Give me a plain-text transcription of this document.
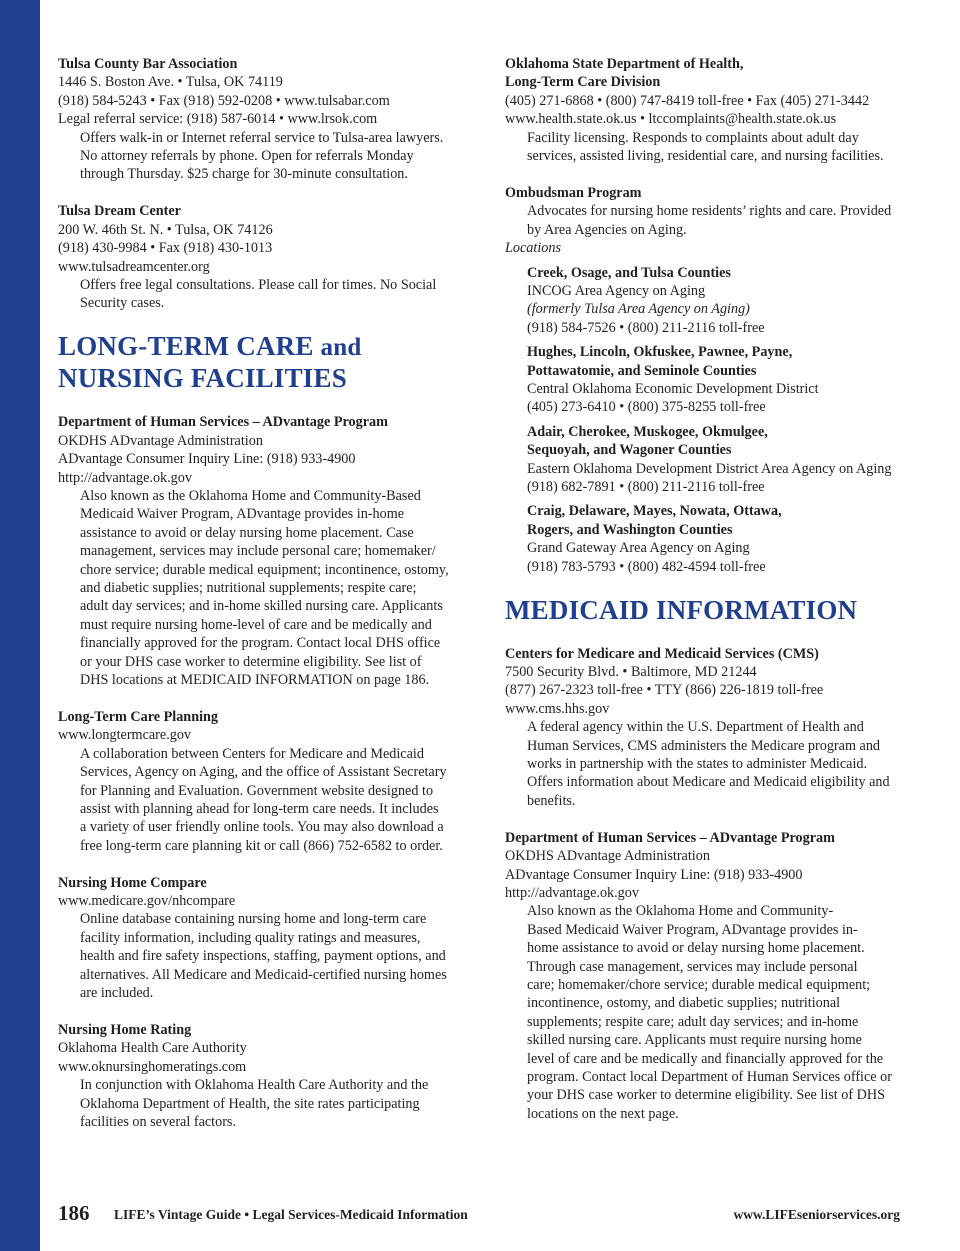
Tulsa County Bar Association
1446 S. Boston Ave. • Tulsa, OK 74119
(918) 584-5243 • Fax (918) 592-0208 • www.tulsabar.com
Legal referral service: (918) 587-6014 • www.lrsok.com
Offers walk-in or Internet referral service to Tulsa-area lawyers.
No attorney referrals by phone. Open for referrals Monday
through Thursday. $25 charge for 30-minute consultation.
Tulsa Dream Center
200 W. 46th St. N. • Tulsa, OK 74126
(918) 430-9984 • Fax (918) 430-1013
www.tulsadreamcenter.org
Offers free legal consultations. Please call for times. No Social
Security cases.
LONG-TERM CARE and
NURSING FACILITIES
Department of Human Services – ADvantage Program
OKDHS ADvantage Administration
ADvantage Consumer Inquiry Line: (918) 933-4900
http://advantage.ok.gov
Also known as the Oklahoma Home and Community-Based
Medicaid Waiver Program, ADvantage provides in-home
assistance to avoid or delay nursing home placement. Case
management, services may include personal care; homemaker/
chore service; durable medical equipment; incontinence, ostomy,
and diabetic supplies; nutritional supplements; respite care;
adult day services; and in-home skilled nursing care. Applicants
must require nursing home-level of care and be medically and
financially approved for the program. Contact local DHS office
or your DHS case worker to determine eligibility. See list of
DHS locations at MEDICAID INFORMATION on page 186.
Long-Term Care Planning
www.longtermcare.gov
A collaboration between Centers for Medicare and Medicaid
Services, Agency on Aging, and the office of Assistant Secretary
for Planning and Evaluation. Government website designed to
assist with planning ahead for long-term care needs. It includes
a variety of user friendly online tools. You may also download a
free long-term care planning kit or call (866) 752-6582 to order.
Nursing Home Compare
www.medicare.gov/nhcompare
Online database containing nursing home and long-term care
facility information, including quality ratings and measures,
health and fire safety inspections, staffing, payment options, and
alternatives. All Medicare and Medicaid-certified nursing homes
are included.
Nursing Home Rating
Oklahoma Health Care Authority
www.oknursinghomeratings.com
In conjunction with Oklahoma Health Care Authority and the
Oklahoma Department of Health, the site rates participating
facilities on several factors.
Oklahoma State Department of Health,
Long-Term Care Division
(405) 271-6868 • (800) 747-8419 toll-free • Fax (405) 271-3442
www.health.state.ok.us • ltccomplaints@health.state.ok.us
Facility licensing. Responds to complaints about adult day
services, assisted living, residential care, and nursing facilities.
Ombudsman Program
Advocates for nursing home residents’ rights and care. Provided
by Area Agencies on Aging.
Locations
Creek, Osage, and Tulsa Counties
INCOG Area Agency on Aging
(formerly Tulsa Area Agency on Aging)
(918) 584-7526 • (800) 211-2116 toll-free
Hughes, Lincoln, Okfuskee, Pawnee, Payne,
Pottawatomie, and Seminole Counties
Central Oklahoma Economic Development District
(405) 273-6410 • (800) 375-8255 toll-free
Adair, Cherokee, Muskogee, Okmulgee,
Sequoyah, and Wagoner Counties
Eastern Oklahoma Development District Area Agency on Aging
(918) 682-7891 • (800) 211-2116 toll-free
Craig, Delaware, Mayes, Nowata, Ottawa,
Rogers, and Washington Counties
Grand Gateway Area Agency on Aging
(918) 783-5793 • (800) 482-4594 toll-free
MEDICAID INFORMATION
Centers for Medicare and Medicaid Services (CMS)
7500 Security Blvd. • Baltimore, MD 21244
(877) 267-2323 toll-free • TTY (866) 226-1819 toll-free
www.cms.hhs.gov
A federal agency within the U.S. Department of Health and
Human Services, CMS administers the Medicare program and
works in partnership with the states to administer Medicaid.
Offers information about Medicare and Medicaid eligibility and
benefits.
Department of Human Services – ADvantage Program
OKDHS ADvantage Administration
ADvantage Consumer Inquiry Line: (918) 933-4900
http://advantage.ok.gov
Also known as the Oklahoma Home and Community-
Based Medicaid Waiver Program, ADvantage provides in-
home assistance to avoid or delay nursing home placement.
Through case management, services may include personal
care; homemaker/chore service; durable medical equipment;
incontinence, ostomy, and diabetic supplies; nutritional
supplements; respite care; adult day services; and in-home
skilled nursing care. Applicants must require nursing home
level of care and be medically and financially approved for the
program. Contact local Department of Human Services office or
your DHS case worker to determine eligibility. See list of DHS
locations on the next page.
186 LIFE’s Vintage Guide • Legal Services-Medicaid Information	www.LIFEseniorservices.org
